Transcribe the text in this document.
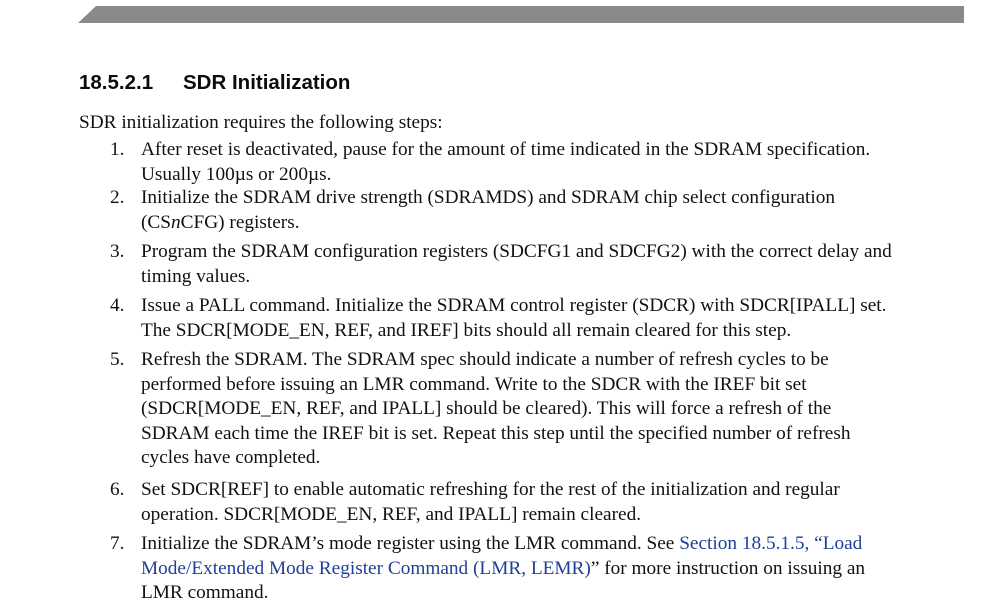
18.5.2.1 SDR Initialization
SDR initialization requires the following steps:
1. After reset is deactivated, pause for the amount of time indicated in the SDRAM specification.
Usually 100µs or 200µs.
2. Initialize the SDRAM drive strength (SDRAMDS) and SDRAM chip select configuration
(CSnCFG) registers.
3. Program the SDRAM configuration registers (SDCFG1 and SDCFG2) with the correct delay and
timing values.
4. Issue a PALL command. Initialize the SDRAM control register (SDCR) with SDCR[IPALL] set.
The SDCR[MODE_EN, REF, and IREF] bits should all remain cleared for this step.
5. Refresh the SDRAM. The SDRAM spec should indicate a number of refresh cycles to be
performed before issuing an LMR command. Write to the SDCR with the IREF bit set
(SDCR[MODE_EN, REF, and IPALL] should be cleared). This will force a refresh of the
SDRAM each time the IREF bit is set. Repeat this step until the specified number of refresh
cycles have completed.
6. Set SDCR[REF] to enable automatic refreshing for the rest of the initialization and regular
operation. SDCR[MODE_EN, REF, and IPALL] remain cleared.
7. Initialize the SDRAM’s mode register using the LMR command. See Section 18.5.1.5, “Load
Mode/Extended Mode Register Command (LMR, LEMR)” for more instruction on issuing an
LMR command.
